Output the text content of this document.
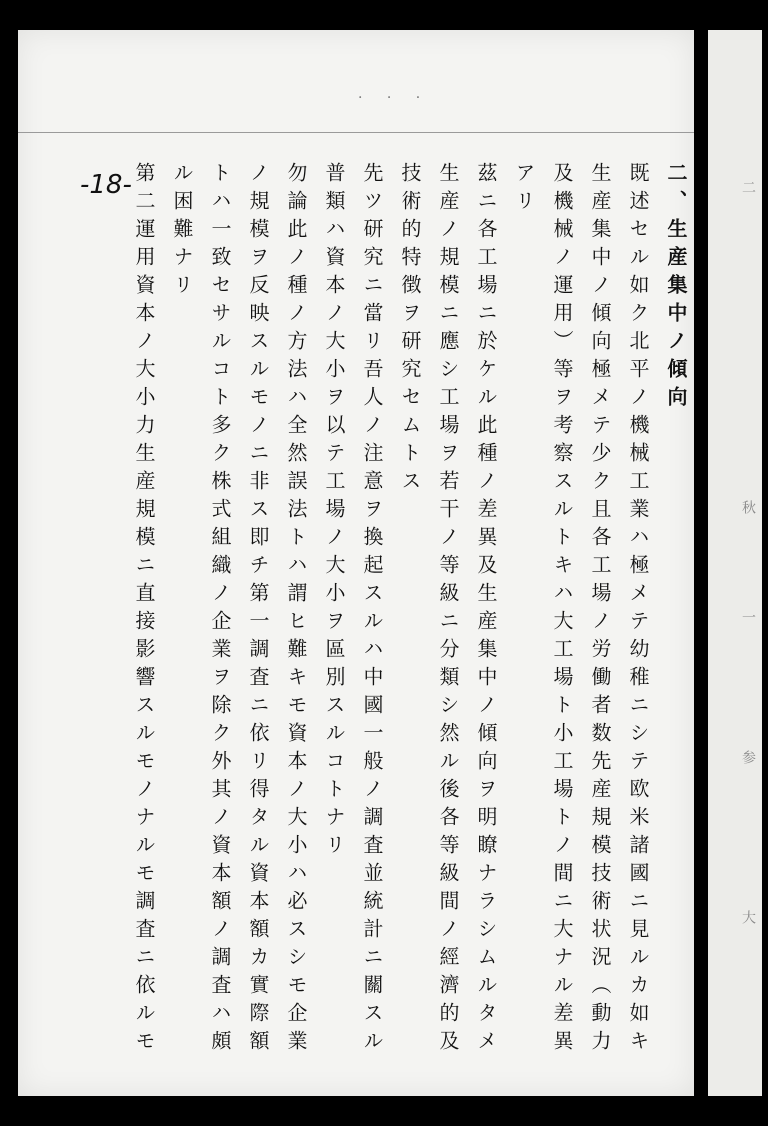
· · ·
-18-	二、生産集中ノ傾向
既述セル如ク北平ノ機械工業ハ極メテ幼稚ニシテ欧米諸國ニ見ルカ如キ
生産集中ノ傾向極メテ少ク且各工場ノ労働者数先産規模技術状況（動力
及機械ノ運用）等ヲ考察スルトキハ大工場ト小工場トノ間ニ大ナル差異
アリ
茲ニ各工場ニ於ケル此種ノ差異及生産集中ノ傾向ヲ明瞭ナラシムルタメ
生産ノ規模ニ應シ工場ヲ若干ノ等級ニ分類シ然ル後各等級間ノ經濟的及
技術的特徴ヲ研究セムトス
先ツ研究ニ當リ吾人ノ注意ヲ換起スルハ中國一般ノ調査並統計ニ關スル
普類ハ資本ノ大小ヲ以テ工場ノ大小ヲ區別スルコトナリ
勿論此ノ種ノ方法ハ全然誤法トハ謂ヒ難キモ資本ノ大小ハ必スシモ企業
ノ規模ヲ反映スルモノニ非ス即チ第一調査ニ依リ得タル資本額カ實際額
トハ一致セサルコト多ク株式組織ノ企業ヲ除ク外其ノ資本額ノ調査ハ頗
ル困難ナリ
第二運用資本ノ大小力生産規模ニ直接影響スルモノナルモ調査ニ依ルモ	二
秋
一
参
大
